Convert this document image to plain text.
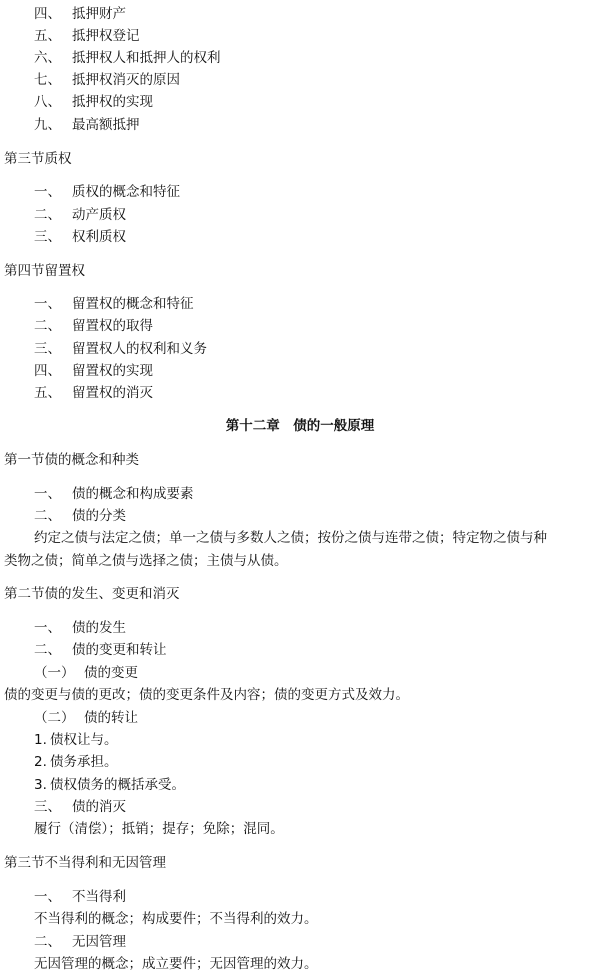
四、 抵押财产
五、 抵押权登记
六、 抵押权人和抵押人的权利
七、 抵押权消灭的原因
八、 抵押权的实现
九、 最高额抵押
第三节质权
一、 质权的概念和特征
二、 动产质权
三、 权利质权
第四节留置权
一、 留置权的概念和特征
二、 留置权的取得
三、 留置权人的权利和义务
四、 留置权的实现
五、 留置权的消灭
第十二章　债的一般原理
第一节债的概念和种类
一、 债的概念和构成要素
二、 债的分类
约定之债与法定之债；单一之债与多数人之债；按份之债与连带之债；特定物之债与种
类物之债；简单之债与选择之债；主债与从债。
第二节债的发生、变更和消灭
一、 债的发生
二、 债的变更和转让
（一） 债的变更
债的变更与债的更改；债的变更条件及内容；债的变更方式及效力。
（二） 债的转让
1. 债权让与。
2. 债务承担。
3. 债权债务的概括承受。
三、 债的消灭
履行（清偿）；抵销；提存；免除；混同。
第三节不当得利和无因管理
一、 不当得利
不当得利的概念；构成要件；不当得利的效力。
二、 无因管理
无因管理的概念；成立要件；无因管理的效力。
